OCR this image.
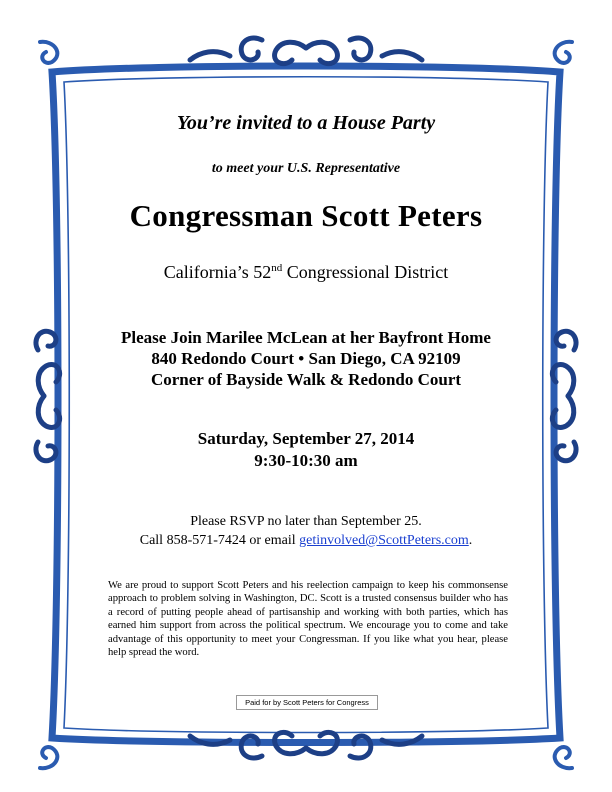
You’re invited to a House Party
to meet your U.S. Representative
Congressman Scott Peters
California’s 52nd Congressional District
Please Join Marilee McLean at her Bayfront Home
840 Redondo Court • San Diego, CA 92109
Corner of Bayside Walk & Redondo Court
Saturday, September 27, 2014
9:30-10:30 am
Please RSVP no later than September 25.
Call 858-571-7424 or email getinvolved@ScottPeters.com.
We are proud to support Scott Peters and his reelection campaign to keep his commonsense approach to problem solving in Washington, DC. Scott is a trusted consensus builder who has a record of putting people ahead of partisanship and working with both parties, which has earned him support from across the political spectrum. We encourage you to come and take advantage of this opportunity to meet your Congressman. If you like what you hear, please help spread the word.
Paid for by Scott Peters for Congress
